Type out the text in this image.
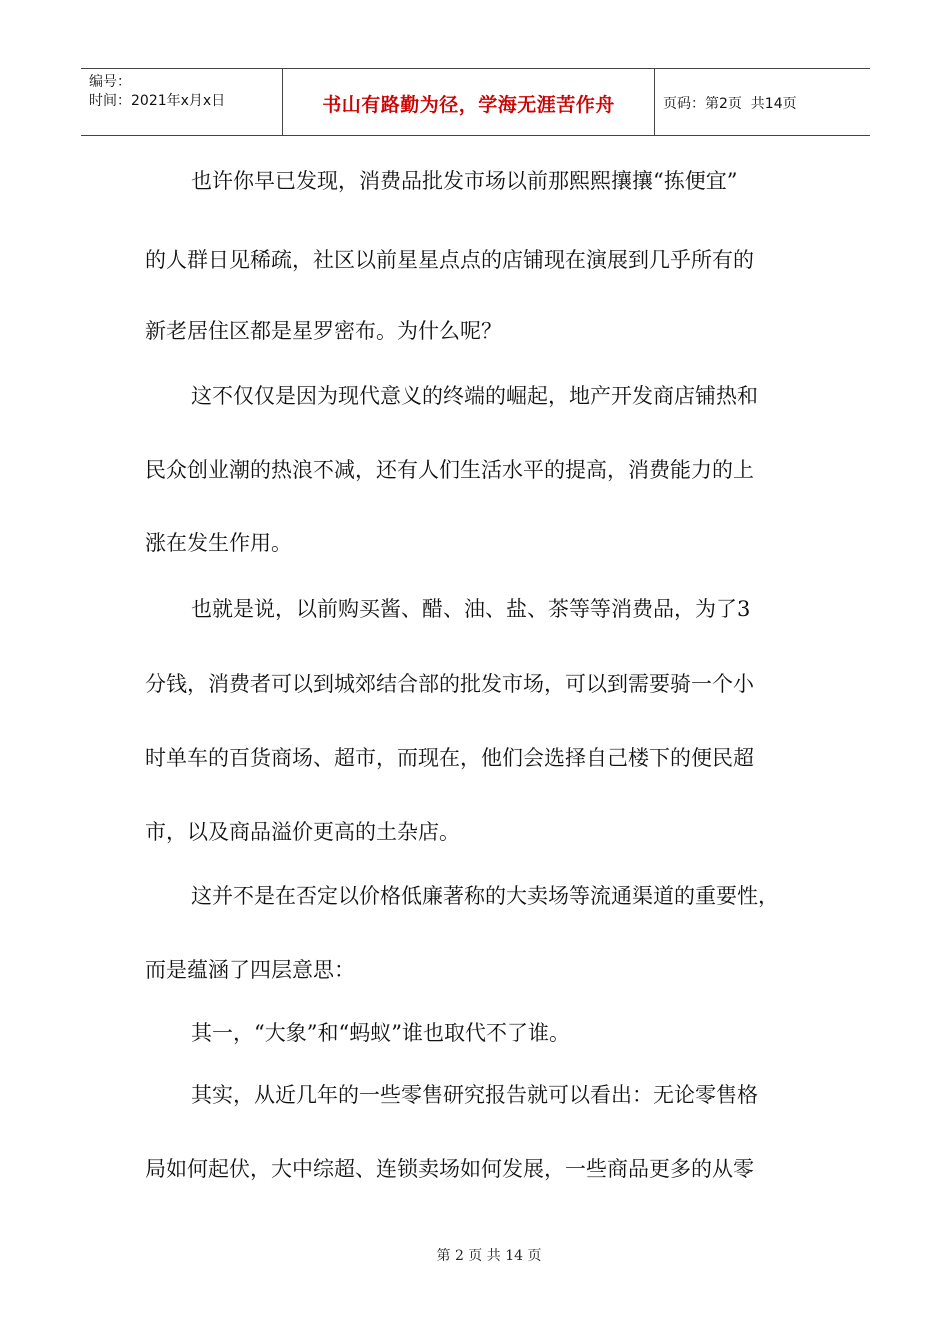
编号：
时间：2021年x月x日	书山有路勤为径，学海无涯苦作舟	页码：第2页  共14页
也许你早已发现，消费品批发市场以前那熙熙攘攘“拣便宜”
的人群日见稀疏，社区以前星星点点的店铺现在演展到几乎所有的
新老居住区都是星罗密布。为什么呢？
这不仅仅是因为现代意义的终端的崛起，地产开发商店铺热和
民众创业潮的热浪不减，还有人们生活水平的提高，消费能力的上
涨在发生作用。
也就是说，以前购买酱、醋、油、盐、茶等等消费品，为了3
分钱，消费者可以到城郊结合部的批发市场，可以到需要骑一个小
时单车的百货商场、超市，而现在，他们会选择自己楼下的便民超
市，以及商品溢价更高的土杂店。
这并不是在否定以价格低廉著称的大卖场等流通渠道的重要性，
而是蕴涵了四层意思：
其一，“大象”和“蚂蚁”谁也取代不了谁。
其实，从近几年的一些零售研究报告就可以看出：无论零售格
局如何起伏，大中综超、连锁卖场如何发展，一些商品更多的从零
第 2 页 共 14 页
